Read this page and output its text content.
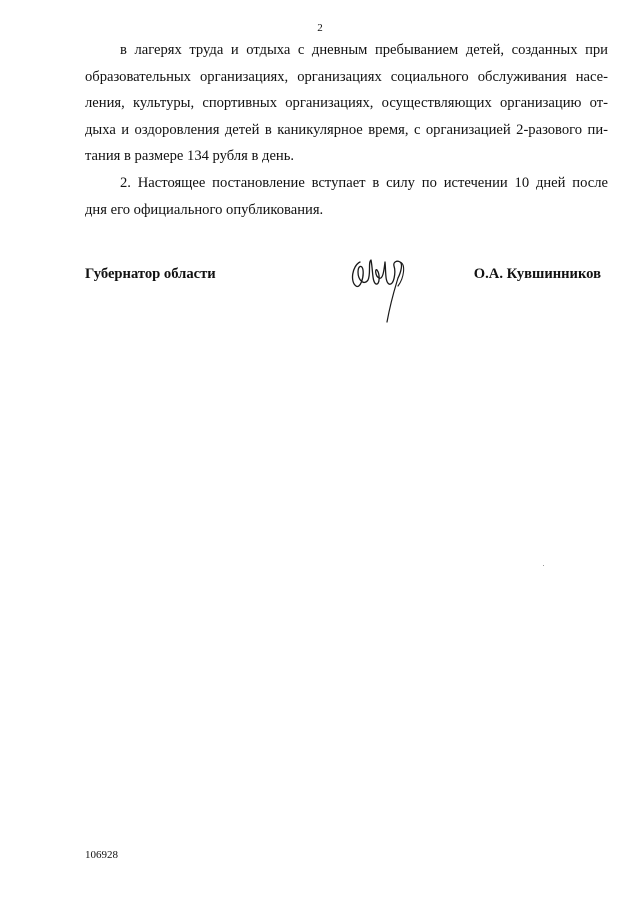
2

в лагерях труда и отдыха с дневным пребыванием детей, созданных при
образовательных организациях, организациях социального обслуживания насе-
ления, культуры, спортивных организациях, осуществляющих организацию от-
дыха и оздоровления детей в каникулярное время, с организацией 2-разового пи-
тания в размере 134 рубля в день.

2. Настоящее постановление вступает в силу по истечении 10 дней после
дня его официального опубликования.

Губернатор области	О.А. Кувшинников
106928
